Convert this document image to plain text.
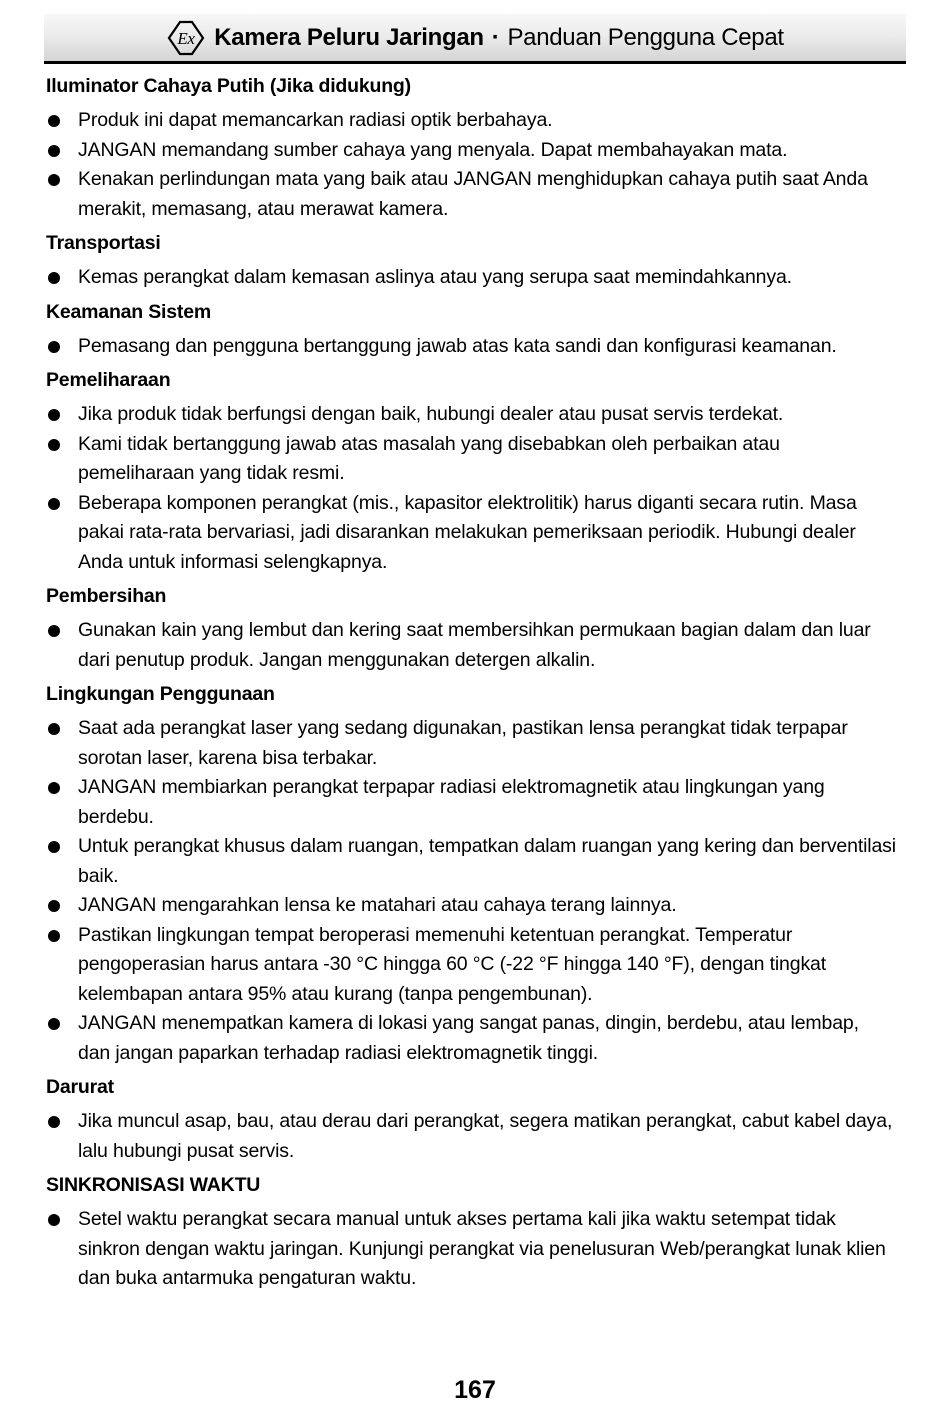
Ex Kamera Peluru Jaringan · Panduan Pengguna Cepat
Iluminator Cahaya Putih (Jika didukung)
Produk ini dapat memancarkan radiasi optik berbahaya.
JANGAN memandang sumber cahaya yang menyala. Dapat membahayakan mata.
Kenakan perlindungan mata yang baik atau JANGAN menghidupkan cahaya putih saat Anda merakit, memasang, atau merawat kamera.
Transportasi
Kemas perangkat dalam kemasan aslinya atau yang serupa saat memindahkannya.
Keamanan Sistem
Pemasang dan pengguna bertanggung jawab atas kata sandi dan konfigurasi keamanan.
Pemeliharaan
Jika produk tidak berfungsi dengan baik, hubungi dealer atau pusat servis terdekat.
Kami tidak bertanggung jawab atas masalah yang disebabkan oleh perbaikan atau pemeliharaan yang tidak resmi.
Beberapa komponen perangkat (mis., kapasitor elektrolitik) harus diganti secara rutin. Masa pakai rata-rata bervariasi, jadi disarankan melakukan pemeriksaan periodik. Hubungi dealer Anda untuk informasi selengkapnya.
Pembersihan
Gunakan kain yang lembut dan kering saat membersihkan permukaan bagian dalam dan luar dari penutup produk. Jangan menggunakan detergen alkalin.
Lingkungan Penggunaan
Saat ada perangkat laser yang sedang digunakan, pastikan lensa perangkat tidak terpapar sorotan laser, karena bisa terbakar.
JANGAN membiarkan perangkat terpapar radiasi elektromagnetik atau lingkungan yang berdebu.
Untuk perangkat khusus dalam ruangan, tempatkan dalam ruangan yang kering dan berventilasi baik.
JANGAN mengarahkan lensa ke matahari atau cahaya terang lainnya.
Pastikan lingkungan tempat beroperasi memenuhi ketentuan perangkat. Temperatur pengoperasian harus antara -30 °C hingga 60 °C (-22 °F hingga 140 °F), dengan tingkat kelembapan antara 95% atau kurang (tanpa pengembunan).
JANGAN menempatkan kamera di lokasi yang sangat panas, dingin, berdebu, atau lembap, dan jangan paparkan terhadap radiasi elektromagnetik tinggi.
Darurat
Jika muncul asap, bau, atau derau dari perangkat, segera matikan perangkat, cabut kabel daya, lalu hubungi pusat servis.
SINKRONISASI WAKTU
Setel waktu perangkat secara manual untuk akses pertama kali jika waktu setempat tidak sinkron dengan waktu jaringan. Kunjungi perangkat via penelusuran Web/perangkat lunak klien dan buka antarmuka pengaturan waktu.
167
